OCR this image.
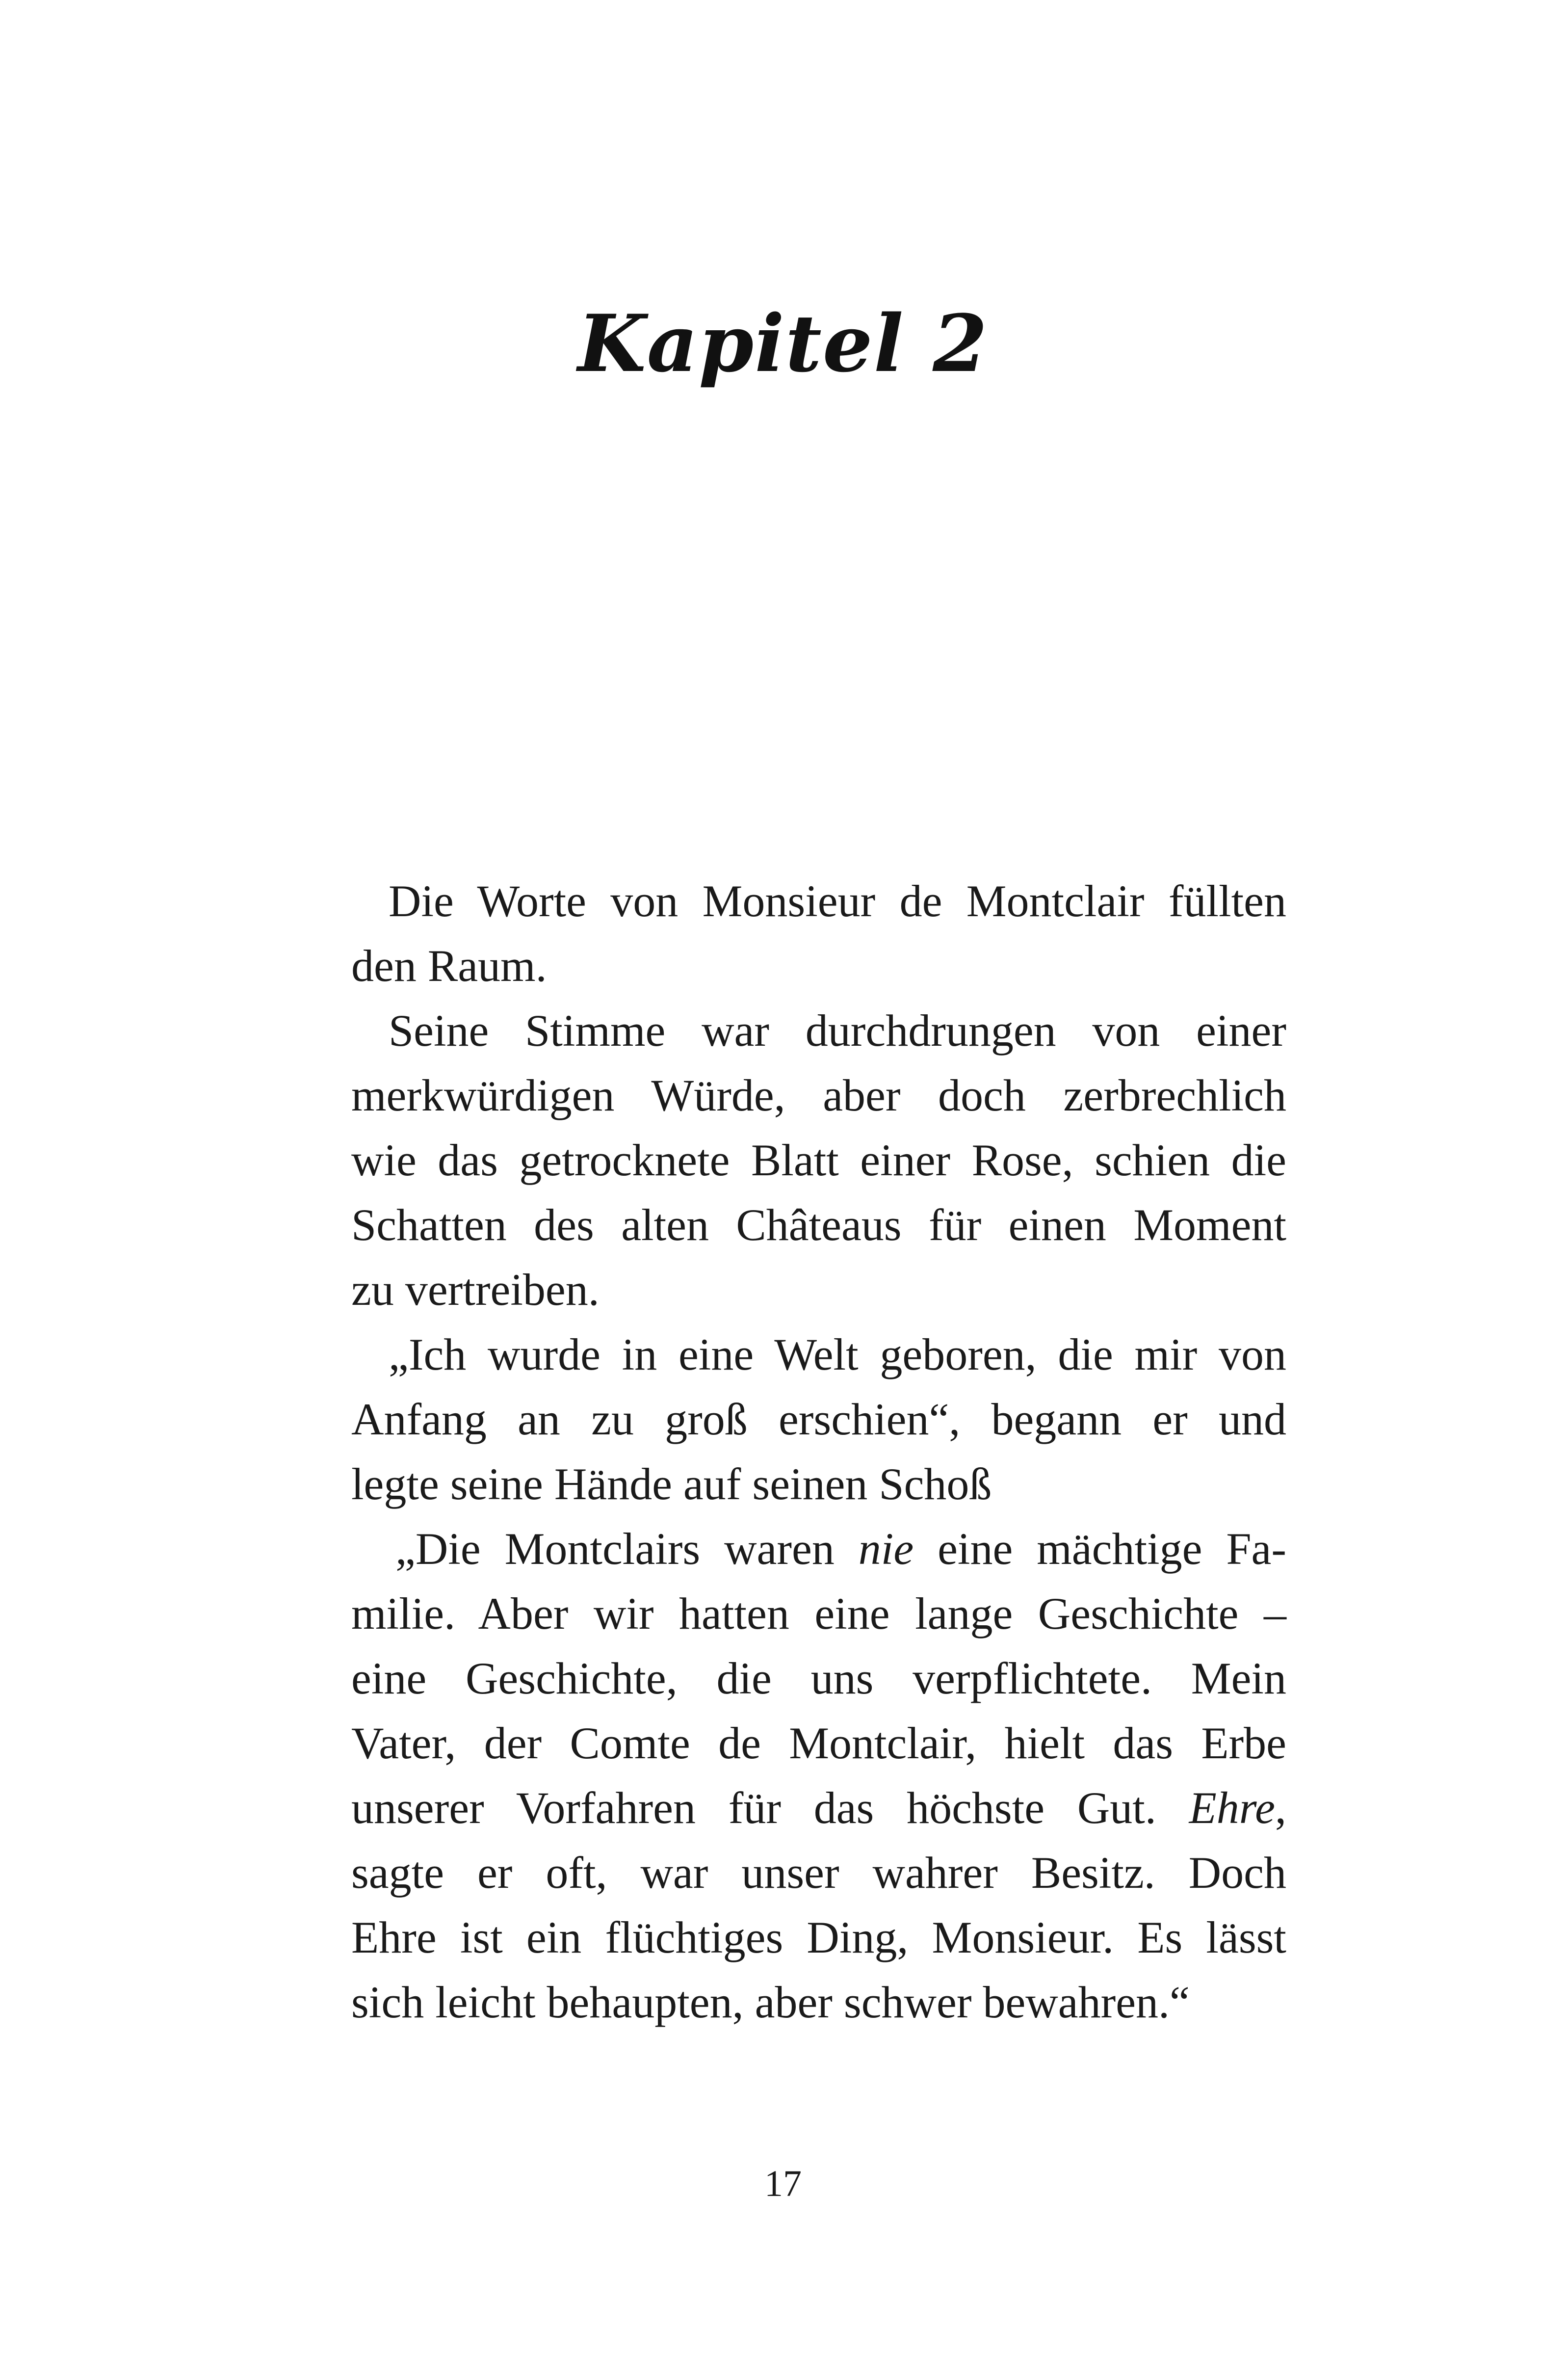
Kapitel 2

Die Worte von Monsieur de Montclair füllten
den Raum.

Seine Stimme war durchdrungen von einer
merkwürdigen Würde, aber doch zerbrechlich
wie das getrocknete Blatt einer Rose, schien die
Schatten des alten Châteaus für einen Moment
zu vertreiben.

„Ich wurde in eine Welt geboren, die mir von
Anfang an zu groß erschien“, begann er und
legte seine Hände auf seinen Schoß

„Die Montclairs waren nie eine mächtige Fa-
milie. Aber wir hatten eine lange Geschichte –
eine Geschichte, die uns verpflichtete. Mein
Vater, der Comte de Montclair, hielt das Erbe
unserer Vorfahren für das höchste Gut. Ehre,
sagte er oft, war unser wahrer Besitz. Doch
Ehre ist ein flüchtiges Ding, Monsieur. Es lässt
sich leicht behaupten, aber schwer bewahren.“

17
